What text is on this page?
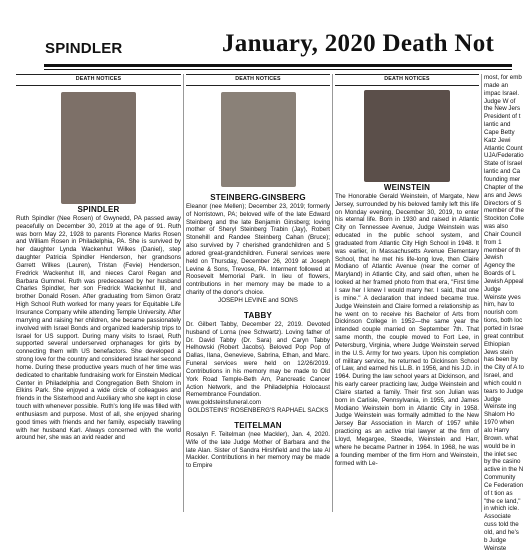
SPINDLER	January, 2020 Death Not
DEATH NOTICES
SPINDLER

Ruth Spindler (Nee Rosen) of Gwynedd, PA passed away peacefully on December 30, 2019 at the age of 91. Ruth was born May 22, 1928 to parents Florence Marks Rosen and William Rosen in Philadelphia, PA. She is survived by her daughter Lynda Wackenhut Wilkes (Daniel), step daughter Patricia Spindler Henderson, her grandsons Garrett Wilkes (Lauren), Tristan (Fevie) Henderson, Fredrick Wackenhut III, and nieces Carol Regan and Barbara Gummel. Ruth was predeceased by her husband Charles Spindler, her son Fredrick Wackenhut III, and brother Donald Rosen. After graduating from Simon Gratz High School Ruth worked for many years for Equitable Life Insurance Company while attending Temple University. After marrying and raising her children, she became passionately involved with Israel Bonds and organized leadership trips to Israel for US support. During many visits to Israel, Ruth supported several underserved orphanages for girls by connecting them with US benefactors. She developed a strong love for the country and considered Israel her second home. During these productive years much of her time was dedicated to charitable fundraising work for Einstein Medical Center in Philadelphia and Congregation Beth Sholom in Elkins Park. She enjoyed a wide circle of colleagues and friends in the Sisterhood and Auxiliary who she kept in close touch with whenever possible. Ruth's long life was filled with enthusiasm and purpose. Most of all, she enjoyed sharing good times with friends and her family, especially traveling with her husband Karl. Always concerned with the world around her, she was an avid reader and

DEATH NOTICES
STEINBERG-GINSBERG

Eleanor (nee Mellen); December 23, 2019; formerly of Norristown, PA; beloved wife of the late Edward Steinberg and the late Benjamin Ginsberg; loving mother of Sheryl Steinberg Trabin (Jay), Robert Stonehill and Randee Steinberg Cahan (Bruce); also survived by 7 cherished grandchildren and 5 adored great-grandchildren. Funeral services were held on Thursday, December 26, 2019 at Joseph Levine & Sons, Trevose, PA. Interment followed at Roosevelt Memorial Park. In lieu of flowers, contributions in her memory may be made to a charity of the donor's choice.

JOSEPH LEVINE and SONS

TABBY

Dr. Gilbert Tabby, December 22, 2019. Devoted husband of Lorna (nee Schwartz). Loving father of Dr. David Tabby (Dr. Sara) and Caryn Tabby Helhowski (Robert Jacobs). Beloved Pop Pop of Dallas, Ilana, Genevieve, Sabrina, Ethan, and Marc. Funeral services were held on 12/26/2019. Contributions in his memory may be made to Old York Road Temple-Beth Am, Pancreatic Cancer Action Network, and the Philadelphia Holocaust Remembrance Foundation.

www.goldsteinsfuneral.com

GOLDSTEINS' ROSENBERG'S RAPHAEL SACKS

TEITELMAN

Rosalyn F. Teitelman (nee Mackler), Jan. 4, 2020. Wife of the late Judge Mother of Barbara and the late Alan. Sister of Sandra Hirshfield and the late Al Mackler. Contributions in her memory may be made to Empire

DEATH NOTICES
WEINSTEIN

The Honorable Gerald Weinstein, of Margate, New Jersey, surrounded by his beloved family left this life on Monday evening, December 30, 2019, to enter his eternal life. Born in 1930 and raised in Atlantic City on Tennessee Avenue, Judge Weinstein was educated in the public school system, and graduated from Atlantic City High School in 1948. It was earlier, in Massachusetts Avenue Elementary School, that he met his life-long love, then Claire Modiano of Atlantic Avenue (near the corner of Maryland) in Atlantic City, and said often, when he looked at her framed photo from that era, "First time I saw her I knew I would marry her. I said, that one is mine." A declaration that indeed became true. Judge Weinstein and Claire formed a relationship as he went on to receive his Bachelor of Arts from Dickinson College in 1952—the same year the intended couple married on September 7th. That same month, the couple moved to Fort Lee, in Petersburg, Virginia, where Judge Weinstein served in the U.S. Army for two years. Upon his completion of military service, he returned to Dickinson School of Law, and earned his LL.B. in 1956, and his J.D. in 1964. During the law school years at Dickinson, and his early career practicing law, Judge Weinstein and Claire started a family. Their first son Julian was born in Carlisle, Pennsylvania, in 1955, and James Modiano Weinstein born in Atlantic City in 1958. Judge Weinstein was formally admitted to the New Jersey Bar Association in March of 1957 while practicing as an active trial lawyer at the firm of Lloyd, Megargee, Steedle, Weinstein and Harr, where he became Partner in 1964. In 1968, he was a founding member of the firm Horn and Weinstein, formed with Le-

most, for emb made an impac Israel. Judge W of the New Jers President of t lantic and Cape Betty Katz Jewi Atlantic Count UJA/Federatio State of Israel lantic and Ca founding mer Chapter of the ans and Jews Directors of S member of the Stockton Colle was also Chair Council from 1 member of th Jewish Agency the Boards of L Jewish Appeal Judge Weinste yves him, hav to nourish com tions, both loc ported in Israe great contribut Ethiopian Jews stein has been by the City of A to Israel, and which could n tears to Judge Judge Weinste ing Shalom Ho 1970 when alo Harry Brown. what would be in the inlet sec by the casino active in the N Community Ce Federation of t tion as "the ce land," in which icle. Associate cuss told the old, and he's b Judge Weinste
